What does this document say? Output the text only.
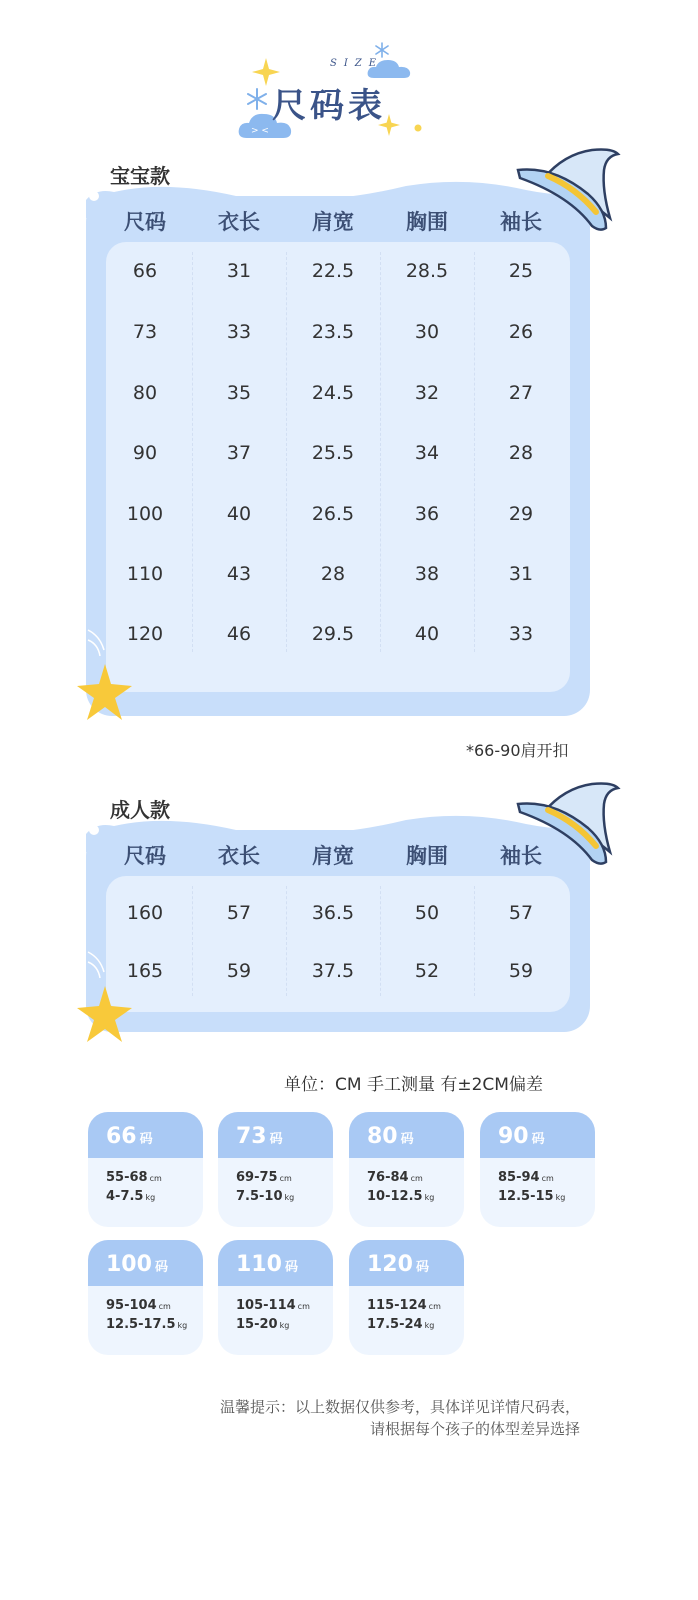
> <
SIZE
尺码表
宝宝款
尺码	衣长	肩宽	胸围	袖长
66	31	22.5	28.5	25
73	33	23.5	30	26
80	35	24.5	32	27
90	37	25.5	34	28
100	40	26.5	36	29
110	43	28	38	31
120	46	29.5	40	33
*66-90肩开扣
成人款
尺码	衣长	肩宽	胸围	袖长
160	57	36.5	50	57
165	59	37.5	52	59
单位：CM 手工测量 有±2CM偏差
66 码
55-68 cm
4-7.5 kg
73 码
69-75 cm
7.5-10 kg
80 码
76-84 cm
10-12.5 kg
90 码
85-94 cm
12.5-15 kg
100 码
95-104 cm
12.5-17.5 kg
110 码
105-114 cm
15-20 kg
120 码
115-124 cm
17.5-24 kg
温馨提示：以上数据仅供参考，具体详见详情尺码表，
请根据每个孩子的体型差异选择
